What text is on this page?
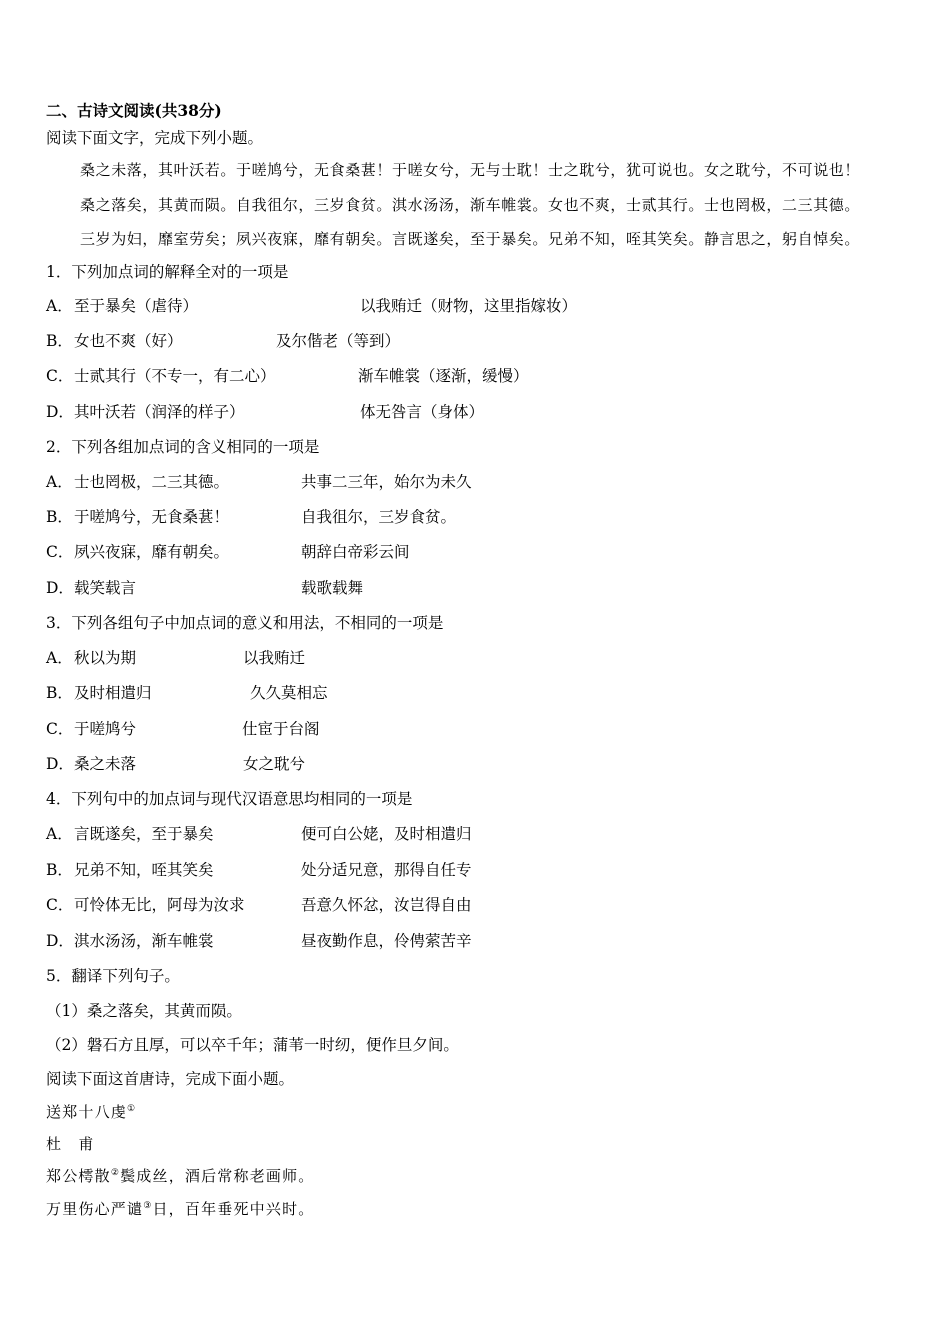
二、古诗文阅读(共38分)
阅读下面文字，完成下列小题。
桑之未落，其叶沃若。于嗟鸠兮，无食桑葚！于嗟女兮，无与士耽！士之耽兮，犹可说也。女之耽兮，不可说也！
桑之落矣，其黄而陨。自我徂尔，三岁食贫。淇水汤汤，渐车帷裳。女也不爽，士贰其行。士也罔极，二三其德。
三岁为妇，靡室劳矣；夙兴夜寐，靡有朝矣。言既遂矣，至于暴矣。兄弟不知，咥其笑矣。静言思之，躬自悼矣。
1．下列加点词的解释全对的一项是
A．至于暴矣（虐待）	以我贿迁（财物，这里指嫁妆）
B．女也不爽（好）	及尔偕老（等到）
C．士贰其行（不专一，有二心）	渐车帷裳（逐渐，缓慢）
D．其叶沃若（润泽的样子）	体无咎言（身体）
2．下列各组加点词的含义相同的一项是
A．士也罔极，二三其德。	共事二三年，始尔为未久
B．于嗟鸠兮，无食桑葚！	自我徂尔，三岁食贫。
C．夙兴夜寐，靡有朝矣。	朝辞白帝彩云间
D．载笑载言	载歌载舞
3．下列各组句子中加点词的意义和用法，不相同的一项是
A．秋以为期	以我贿迁
B．及时相遣归	久久莫相忘
C．于嗟鸠兮	仕宦于台阁
D．桑之未落	女之耽兮
4．下列句中的加点词与现代汉语意思均相同的一项是
A．言既遂矣，至于暴矣	便可白公姥，及时相遣归
B．兄弟不知，咥其笑矣	处分适兄意，那得自任专
C．可怜体无比，阿母为汝求	吾意久怀忿，汝岂得自由
D．淇水汤汤，渐车帷裳	昼夜勤作息，伶俜萦苦辛
5．翻译下列句子。
（1）桑之落矣，其黄而陨。
（2）磐石方且厚，可以卒千年；蒲苇一时纫，便作旦夕间。
阅读下面这首唐诗，完成下面小题。
送郑十八虔①
杜　甫
郑公樗散②鬓成丝，酒后常称老画师。
万里伤心严谴③日，百年垂死中兴时。
